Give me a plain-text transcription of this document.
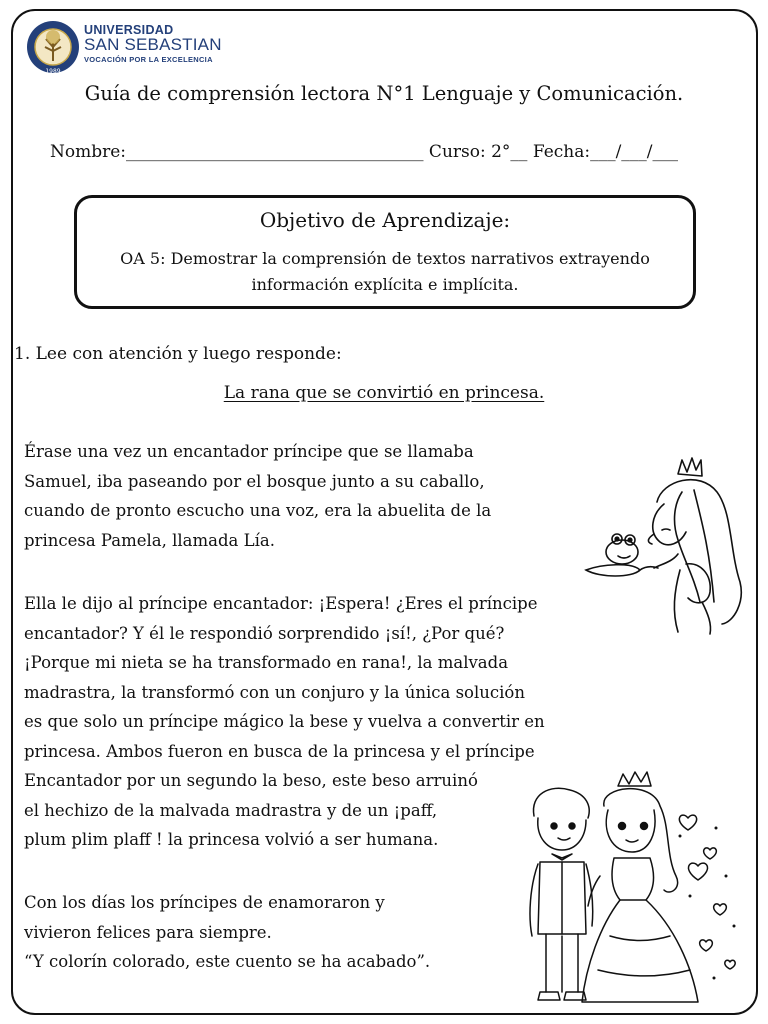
1989
UNIVERSIDAD
SAN SEBASTIAN
VOCACIÓN POR LA EXCELENCIA
Guía de comprensión lectora N°1 Lenguaje y Comunicación.
Nombre:___________________________________ Curso: 2°__ Fecha:___/___/___
Objetivo de Aprendizaje:
OA 5: Demostrar la comprensión de textos narrativos extrayendo información explícita e implícita.
1. Lee con atención y luego responde:
La rana que se convirtió en princesa.
Érase una vez un encantador príncipe que se llamaba
Samuel, iba paseando por el bosque junto a su caballo,
cuando de pronto escucho una voz, era la abuelita de la
princesa Pamela, llamada Lía.
Ella le dijo al príncipe encantador: ¡Espera! ¿Eres el príncipe
encantador? Y él le respondió sorprendido ¡sí!, ¿Por qué?
¡Porque mi nieta se ha transformado en rana!, la malvada
madrastra, la transformó con un conjuro y la única solución
es que solo un príncipe mágico la bese y vuelva a convertir en
princesa. Ambos fueron en busca de la princesa y el príncipe
Encantador por un segundo la beso, este beso arruinó
el hechizo de la malvada madrastra y de un ¡paff,
plum plim plaff ! la princesa volvió a ser humana.
Con los días los príncipes de enamoraron y
vivieron felices para siempre.
“Y colorín colorado, este cuento se ha acabado”.
